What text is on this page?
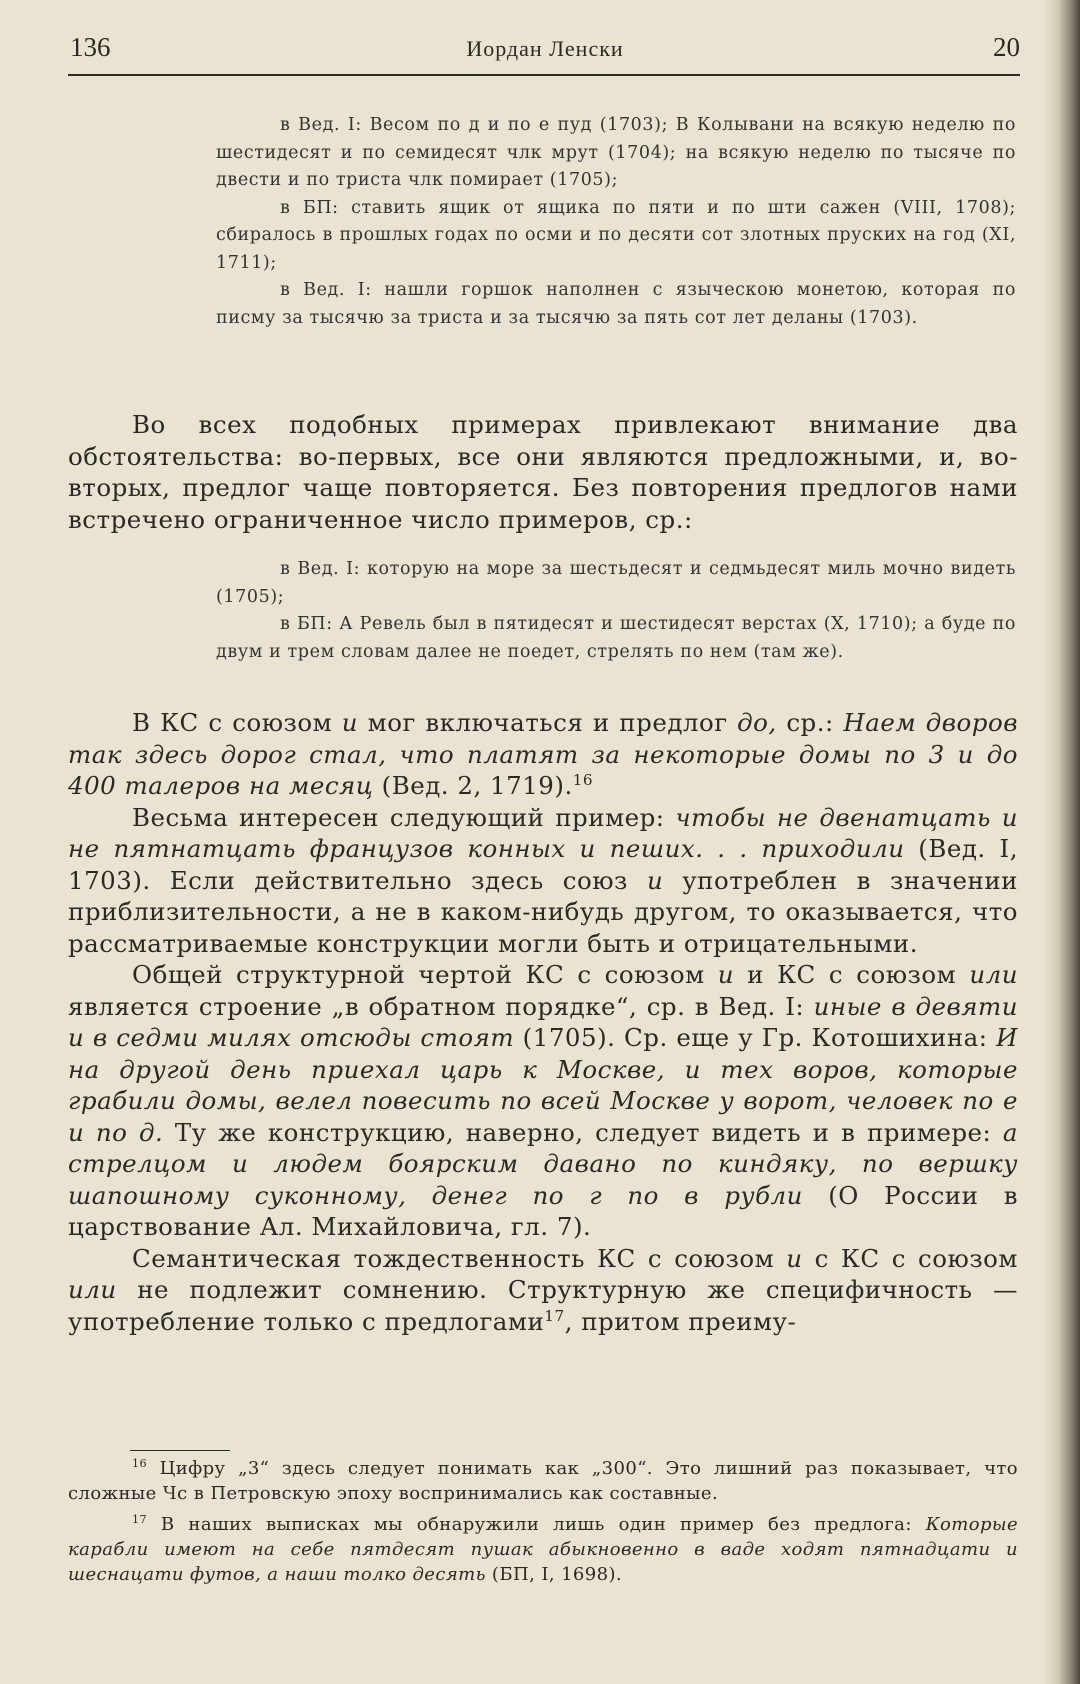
136	Иордан Ленски	20

в Вед. I: Весом по д и по е пуд (1703); В Колывани на всякую неделю по шестидесят и по семидесят члк мрут (1704); на всякую неделю по тысяче по двести и по триста члк помирает (1705);

в БП: ставить ящик от ящика по пяти и по шти сажен (VIII, 1708); сбиралось в прошлых годах по осми и по десяти сот злотных пруских на год (XI, 1711);

в Вед. I: нашли горшок наполнен с языческою монетою, которая по писму за тысячю за триста и за тысячю за пять сот лет деланы (1703).

Во всех подобных примерах привлекают внимание два обстоятельства: во-первых, все они являются предложными, и, во-вторых, предлог чаще повторяется. Без повторения предлогов нами встречено ограниченное число примеров, ср.:

в Вед. I: которую на море за шестьдесят и седмьдесят миль мочно видеть (1705);

в БП: А Ревель был в пятидесят и шестидесят верстах (X, 1710); а буде по двум и трем словам далее не поедет, стрелять по нем (там же).

В КС с союзом и мог включаться и предлог до, ср.: Наем дворов так здесь дорог стал, что платят за некоторые домы по 3 и до 400 талеров на месяц (Вед. 2, 1719).$^{16}$

Весьма интересен следующий пример: чтобы не двенатцать и не пятнатцать французов конных и пеших. . . приходили (Вед. I, 1703). Если действительно здесь союз и употреблен в значении приблизительности, а не в каком-нибудь другом, то оказывается, что рассматриваемые конструкции могли быть и отрицательными.

Общей структурной чертой КС с союзом и и КС с союзом или является строение „в обратном порядке“, ср. в Вед. I: иные в девяти и в седми милях отсюды стоят (1705). Ср. еще у Гр. Котошихина: И на другой день приехал царь к Москве, и тех воров, которые грабили домы, велел повесить по всей Москве у ворот, человек по е и по д. Ту же конструкцию, наверно, следует видеть и в примере: а стрелцом и людем боярским давано по киндяку, по вершку шапошному суконному, денег по г по в рубли (О России в царствование Ал. Михайловича, гл. 7).

Семантическая тождественность КС с союзом и с КС с союзом или не подлежит сомнению. Структурную же специфичность — употребление только с предлогами$^{17}$, притом преиму-

$^{16}$ Цифру „3“ здесь следует понимать как „300“. Это лишний раз показывает, что сложные Чс в Петровскую эпоху воспринимались как составные.

$^{17}$ В наших выписках мы обнаружили лишь один пример без предлога: Которые карабли имеют на себе пятдесят пушак абыкновенно в ваде ходят пятнадцати и шеснацати футов, а наши толко десять (БП, I, 1698).
